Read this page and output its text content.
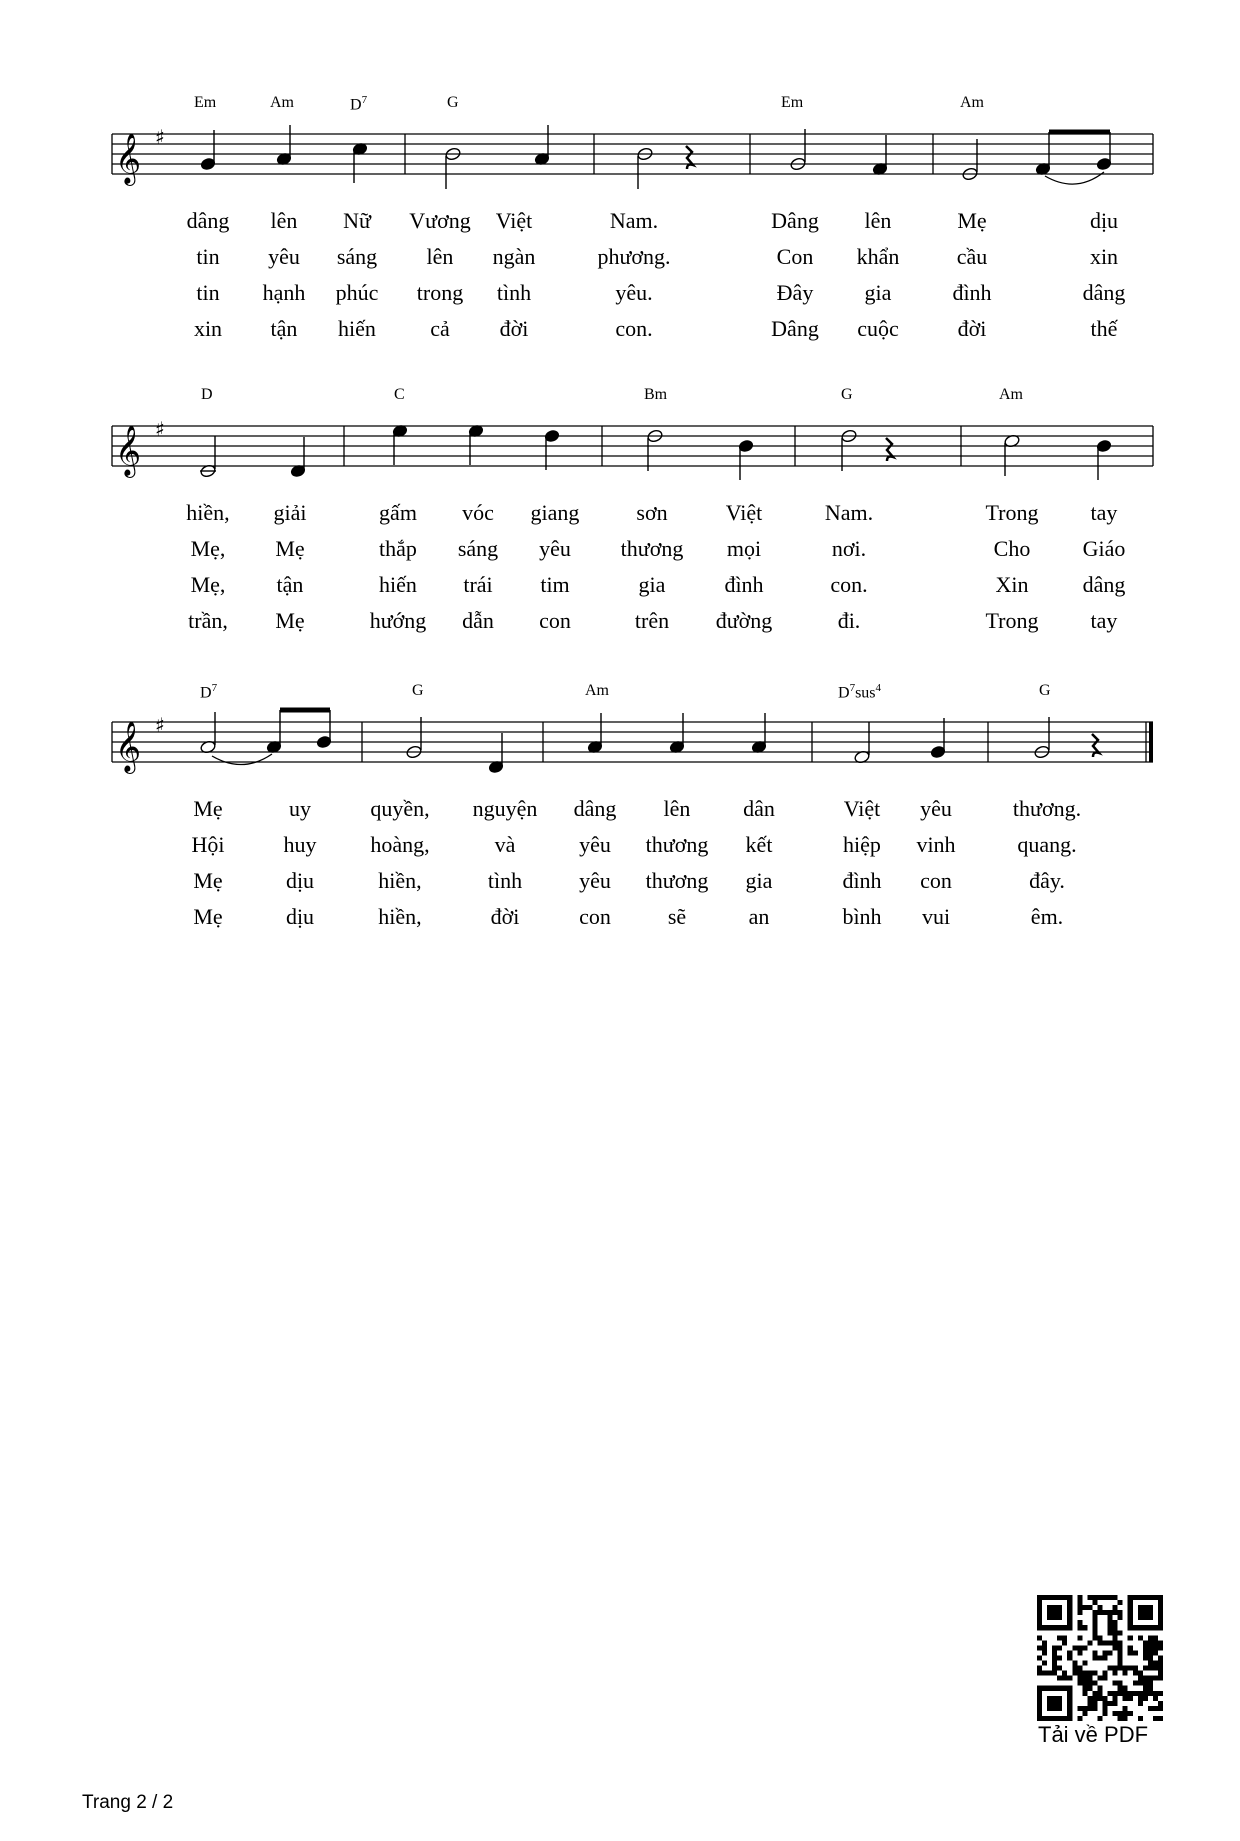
𝄞 ♯
Em	Am	$D^7$	G	Em	Am
𝄞 ♯
D	C	Bm	G	Am
𝄞 ♯
$D^7$	G	Am	$D^7sus^4$	G
dâng lên Nữ Vương Việt	Nam.	Dâng lên	Mẹ	dịu
tin yêu sáng lên ngàn	phương.	Con khẩn	cầu	xin
tin hạnh phúc trong tình	yêu.	Đây gia	đình	dâng
xin tận hiến cả đời	con.	Dâng cuộc	đời	thế
hiền, giải	gấm vóc giang	sơn	Việt	Nam.	Trong tay
Mẹ, Mẹ	thắp sáng yêu thương mọi	nơi.	Cho Giáo
Mẹ, tận	hiến trái tim	gia	đình	con.	Xin dâng
trần, Mẹ	hướng dẫn con	trên đường	đi.	Trong tay
Mẹ	uy	quyền, nguyện dâng lên dân	Việt yêu	thương.
Hội	huy hoàng,	và	yêu thương kết	hiệp vinh	quang.
Mẹ	dịu	hiền,	tình	yêu thương gia	đình con	đây.
Mẹ	dịu	hiền,	đời	con	sẽ	an	bình vui	êm.
Tải về PDF
Trang 2 / 2
